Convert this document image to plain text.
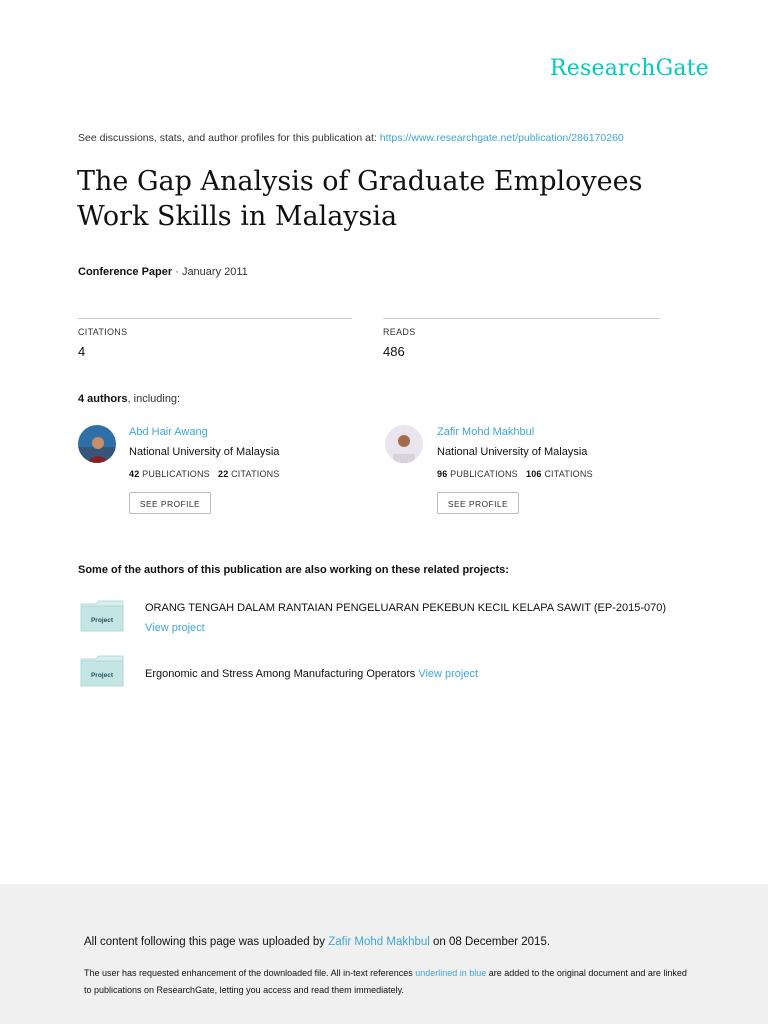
ResearchGate
See discussions, stats, and author profiles for this publication at: https://www.researchgate.net/publication/286170260
The Gap Analysis of Graduate Employees Work Skills in Malaysia
Conference Paper · January 2011
CITATIONS
4
READS
486
4 authors, including:
Abd Hair Awang
National University of Malaysia
42 PUBLICATIONS 22 CITATIONS
SEE PROFILE
Zafir Mohd Makhbul
National University of Malaysia
96 PUBLICATIONS 106 CITATIONS
SEE PROFILE
Some of the authors of this publication are also working on these related projects:
Project
ORANG TENGAH DALAM RANTAIAN PENGELUARAN PEKEBUN KECIL KELAPA SAWIT (EP-2015-070)
View project
Project	Ergonomic and Stress Among Manufacturing Operators View project
All content following this page was uploaded by Zafir Mohd Makhbul on 08 December 2015.
The user has requested enhancement of the downloaded file. All in-text references underlined in blue are added to the original document and are linked to publications on ResearchGate, letting you access and read them immediately.
